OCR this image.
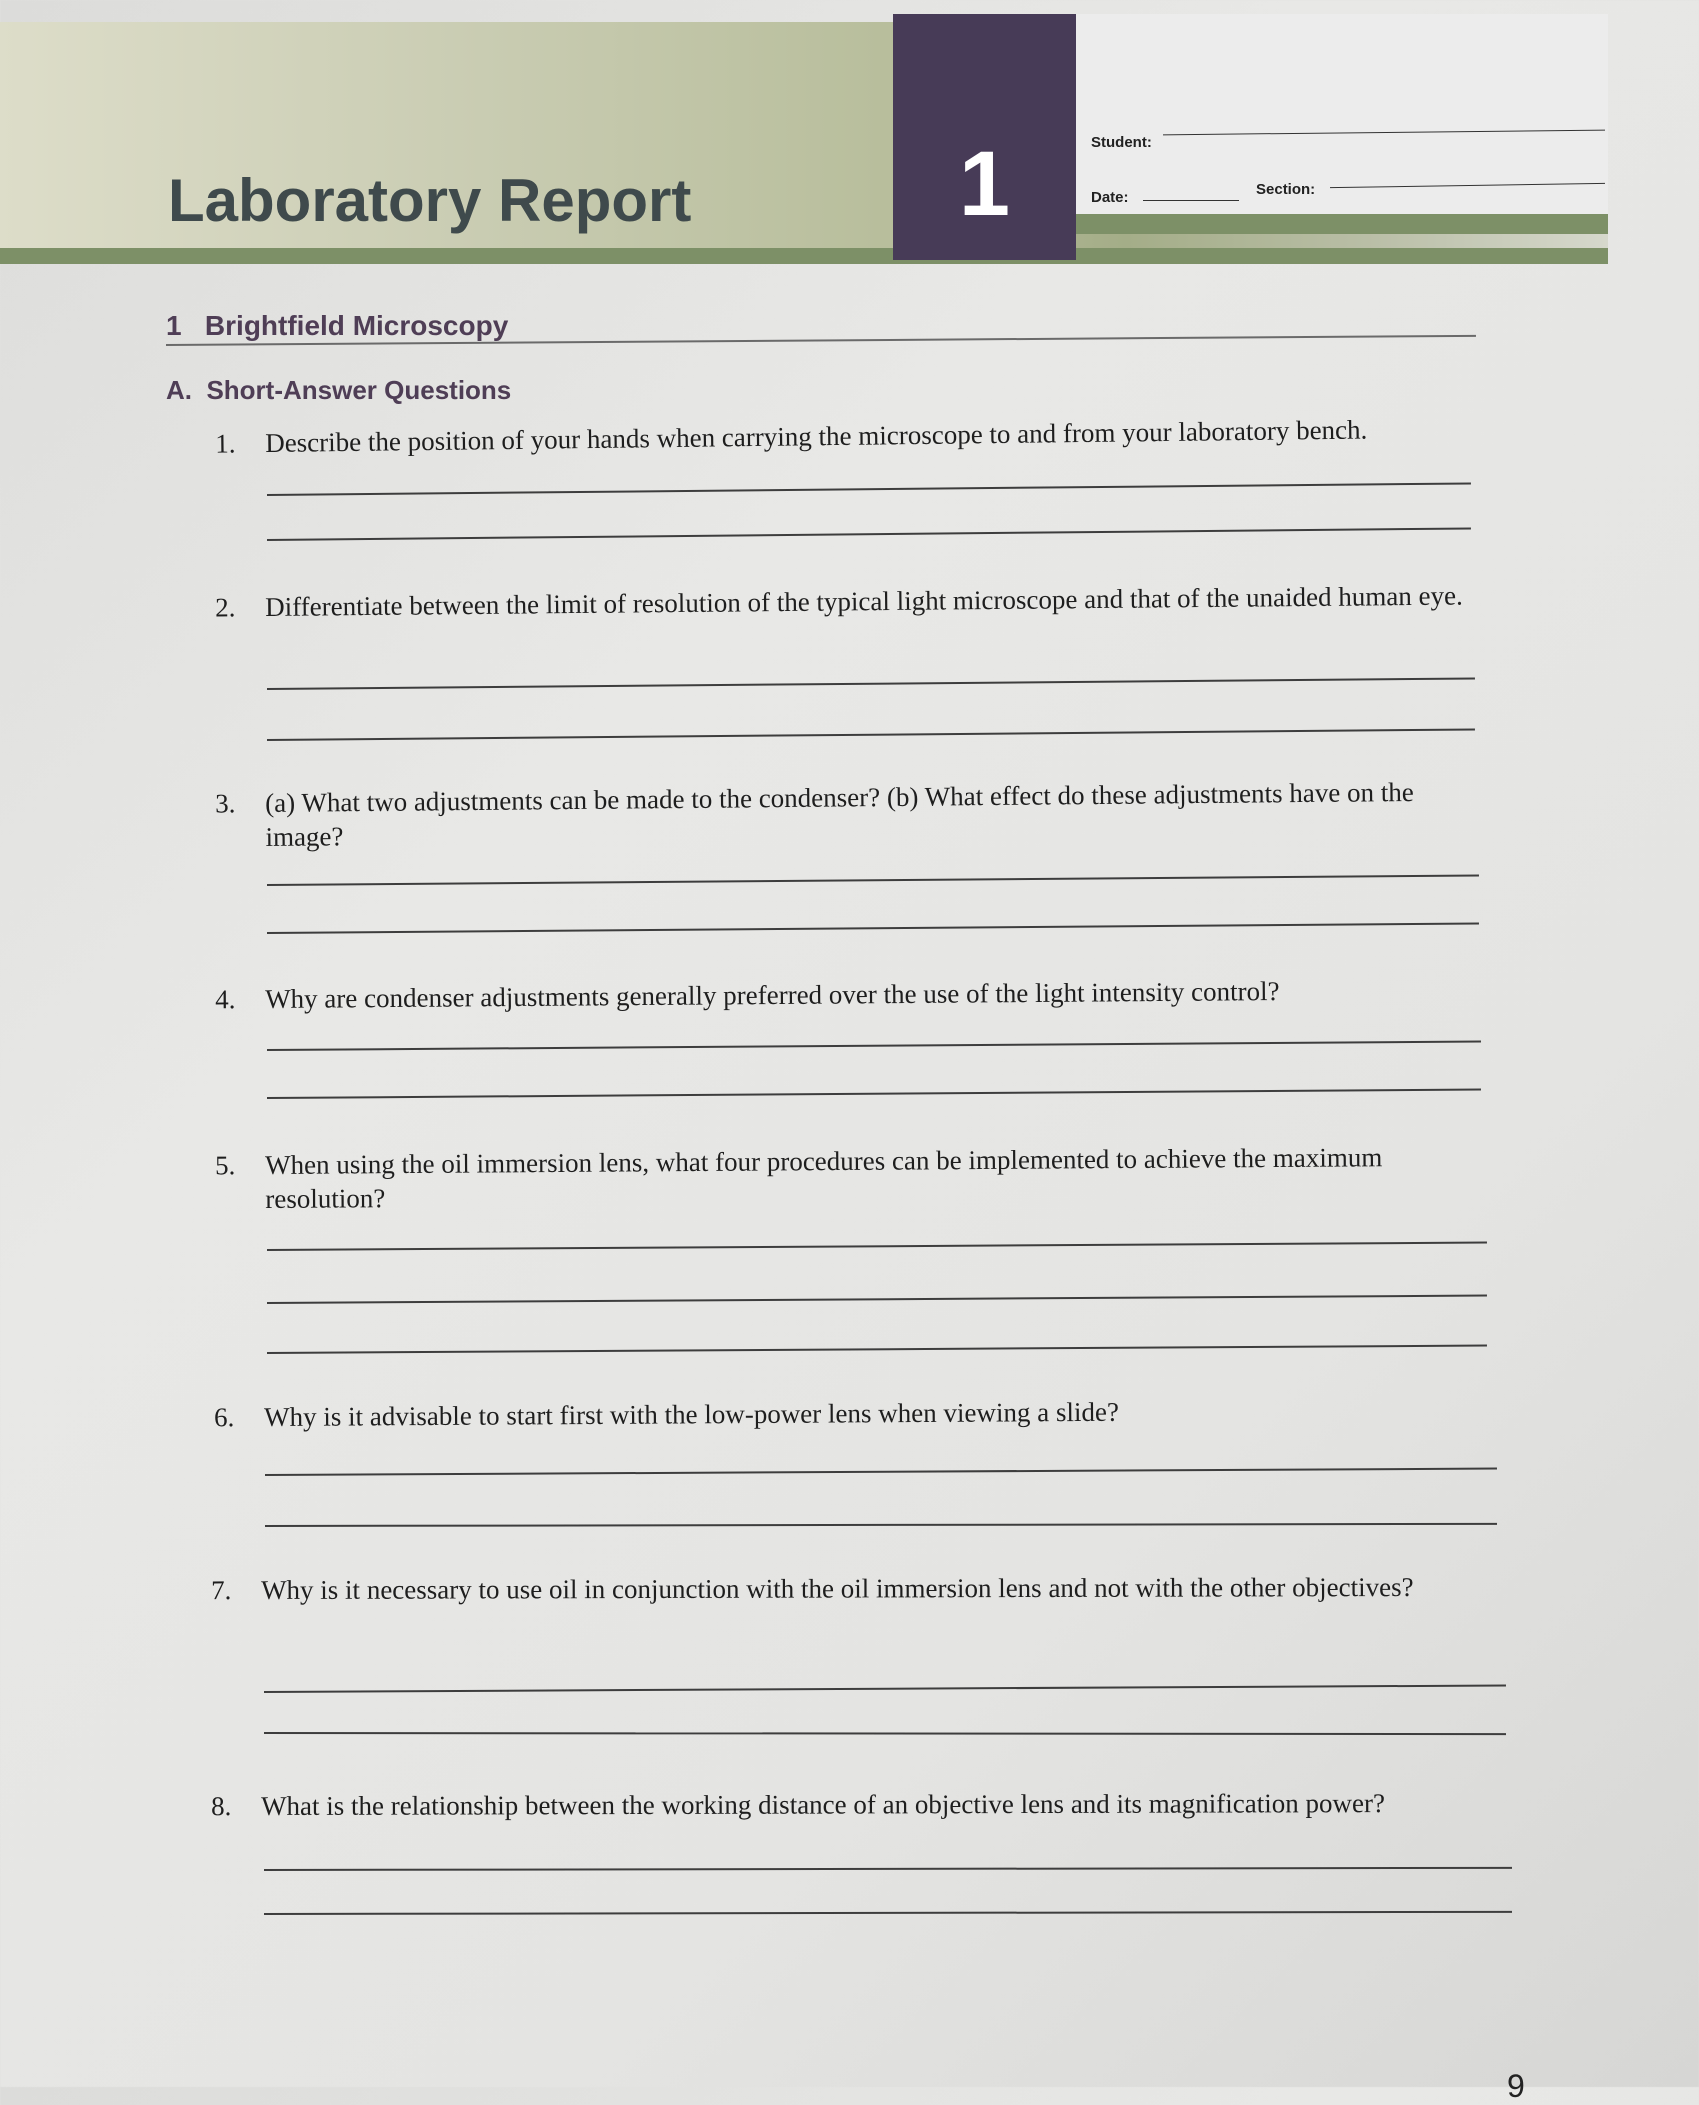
Laboratory Report	1	Student:
Date:	Section:
1 Brightfield Microscopy
A. Short-Answer Questions
1. Describe the position of your hands when carrying the microscope to and from your laboratory bench.
2. Differentiate between the limit of resolution of the typical light microscope and that of the unaided human eye.
3. (a) What two adjustments can be made to the condenser? (b) What effect do these adjustments have on the image?
4. Why are condenser adjustments generally preferred over the use of the light intensity control?
5. When using the oil immersion lens, what four procedures can be implemented to achieve the maximum resolution?
6. Why is it advisable to start first with the low-power lens when viewing a slide?
7. Why is it necessary to use oil in conjunction with the oil immersion lens and not with the other objectives?
8. What is the relationship between the working distance of an objective lens and its magnification power?
9
